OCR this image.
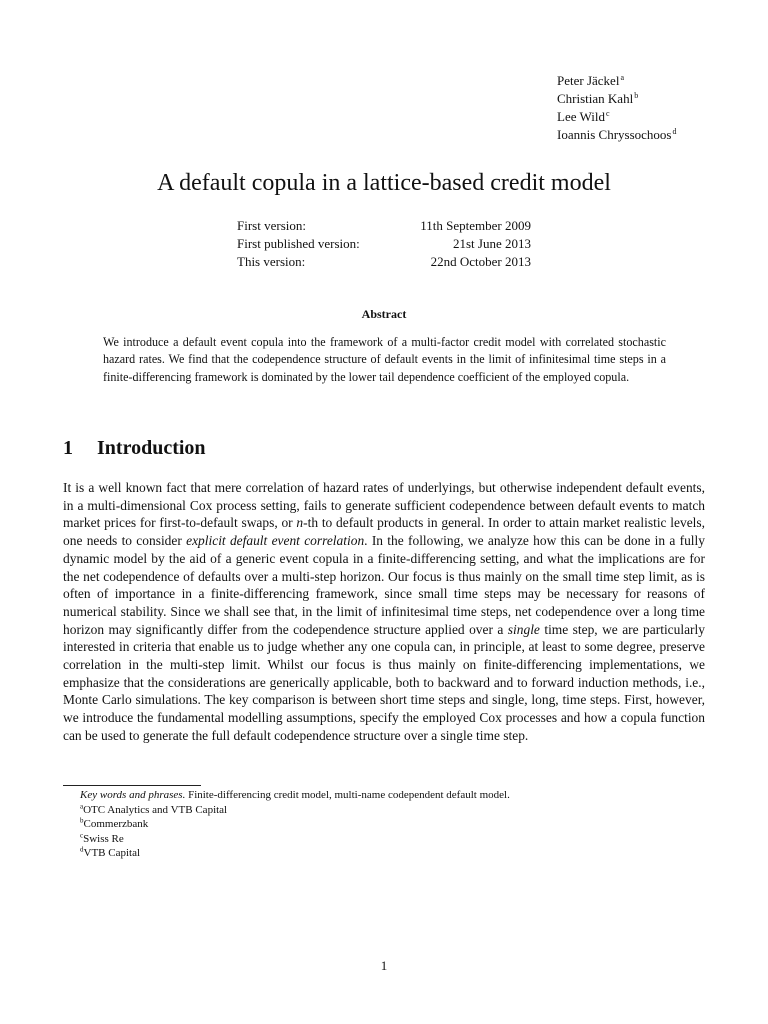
Peter Jäckel$^a$
Christian Kahl$^b$
Lee Wild$^c$
Ioannis Chryssochoos$^d$
A default copula in a lattice-based credit model
First version:	11th September 2009
First published version:	21st June 2013
This version:	22nd October 2013
Abstract
We introduce a default event copula into the framework of a multi-factor credit model with correlated stochastic hazard rates. We find that the codependence structure of default events in the limit of infinitesimal time steps in a finite-differencing framework is dominated by the lower tail dependence coefficient of the employed copula.
1 Introduction
It is a well known fact that mere correlation of hazard rates of underlyings, but otherwise independent default events, in a multi-dimensional Cox process setting, fails to generate sufficient codependence between default events to match market prices for first-to-default swaps, or n-th to default products in general. In order to attain market realistic levels, one needs to consider explicit default event correlation. In the following, we analyze how this can be done in a fully dynamic model by the aid of a generic event copula in a finite-differencing setting, and what the implications are for the net codependence of defaults over a multi-step horizon. Our focus is thus mainly on the small time step limit, as is often of importance in a finite-differencing framework, since small time steps may be necessary for reasons of numerical stability. Since we shall see that, in the limit of infinitesimal time steps, net codependence over a long time horizon may significantly differ from the codependence structure applied over a single time step, we are particularly interested in criteria that enable us to judge whether any one copula can, in principle, at least to some degree, preserve correlation in the multi-step limit. Whilst our focus is thus mainly on finite-differencing implementations, we emphasize that the considerations are generically applicable, both to backward and to forward induction methods, i.e., Monte Carlo simulations. The key comparison is between short time steps and single, long, time steps. First, however, we introduce the fundamental modelling assumptions, specify the employed Cox processes and how a copula function can be used to generate the full default codependence structure over a single time step.
Key words and phrases. Finite-differencing credit model, multi-name codependent default model.
$^a$OTC Analytics and VTB Capital
$^b$Commerzbank
$^c$Swiss Re
$^d$VTB Capital
1
